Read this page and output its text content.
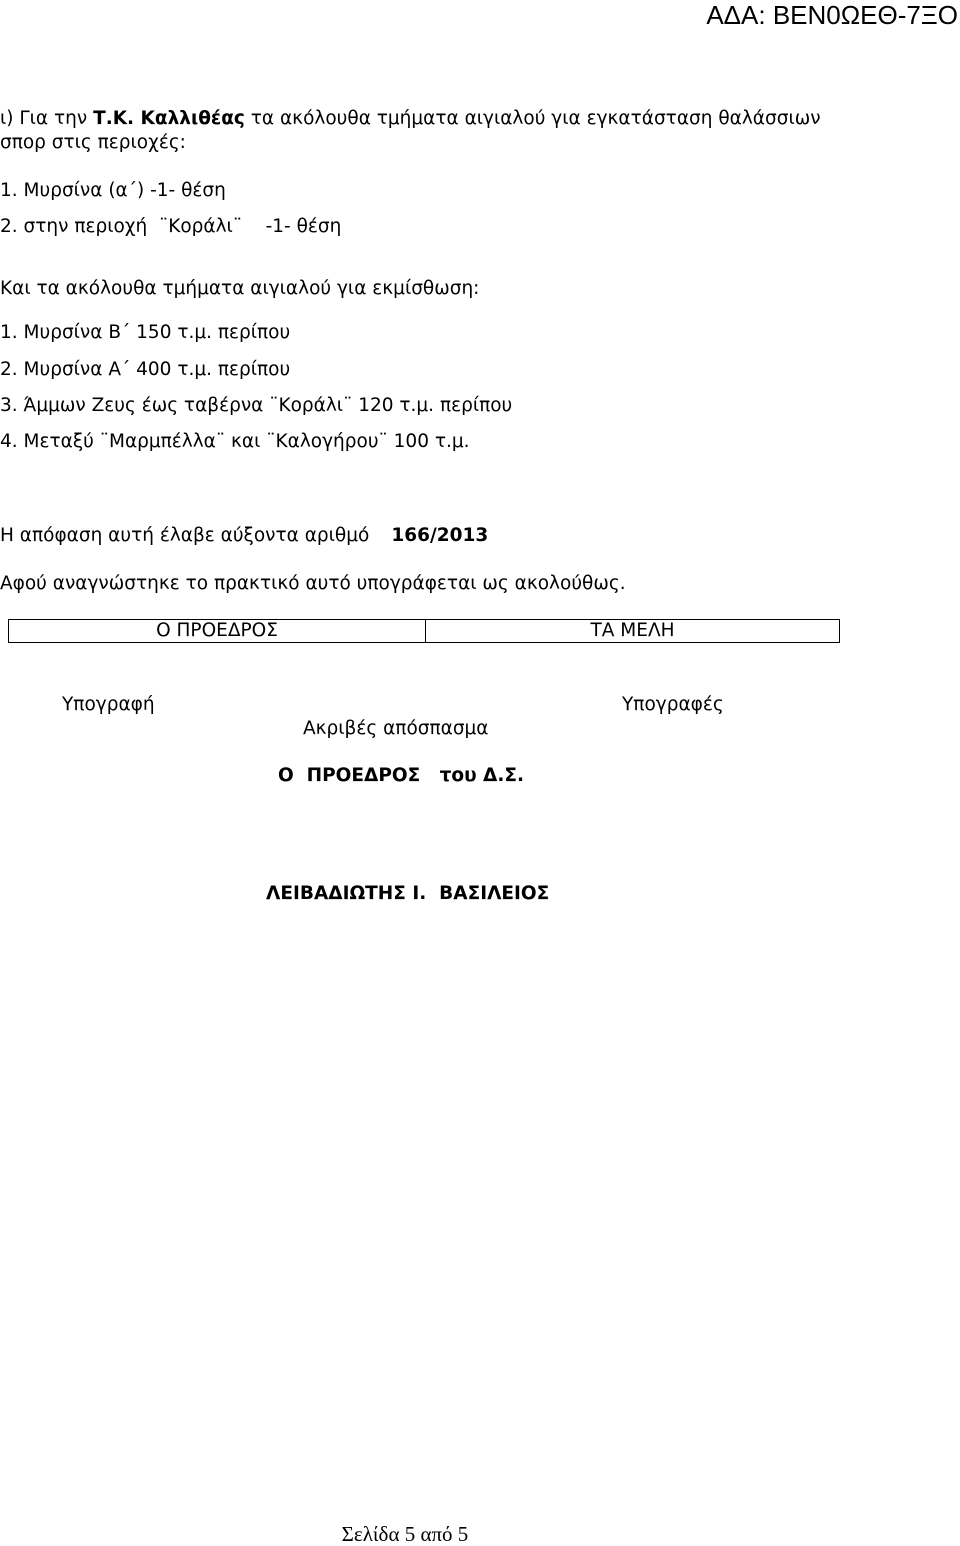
ΑΔΑ: ΒΕΝ0ΩΕΘ-7ΞΟ
ι) Για την Τ.Κ. Καλλιθέας τα ακόλουθα τμήματα αιγιαλού για εγκατάσταση θαλάσσιων
σπορ στις περιοχές:
1. Μυρσίνα (α΄) -1- θέση
2. στην περιοχή  ¨Κοράλι¨    -1- θέση
Και τα ακόλουθα τμήματα αιγιαλού για εκμίσθωση:
1. Μυρσίνα Β΄ 150 τ.μ. περίπου
2. Μυρσίνα Α΄ 400 τ.μ. περίπου
3. Άμμων Ζευς έως ταβέρνα ¨Κοράλι¨ 120 τ.μ. περίπου
4. Μεταξύ ¨Μαρμπέλλα¨ και ¨Καλογήρου¨ 100 τ.μ.
Η απόφαση αυτή έλαβε αύξοντα αριθμό 166/2013
Αφού αναγνώστηκε το πρακτικό αυτό υπογράφεται ως ακολούθως.
Ο ΠΡΟΕΔΡΟΣ	ΤΑ ΜΕΛΗ
Υπογραφή	Υπογραφές
Ακριβές απόσπασμα
Ο  ΠΡΟΕΔΡΟΣ   του Δ.Σ.
ΛΕΙΒΑΔΙΩΤΗΣ Ι.  ΒΑΣΙΛΕΙΟΣ
Σελίδα 5 από 5
